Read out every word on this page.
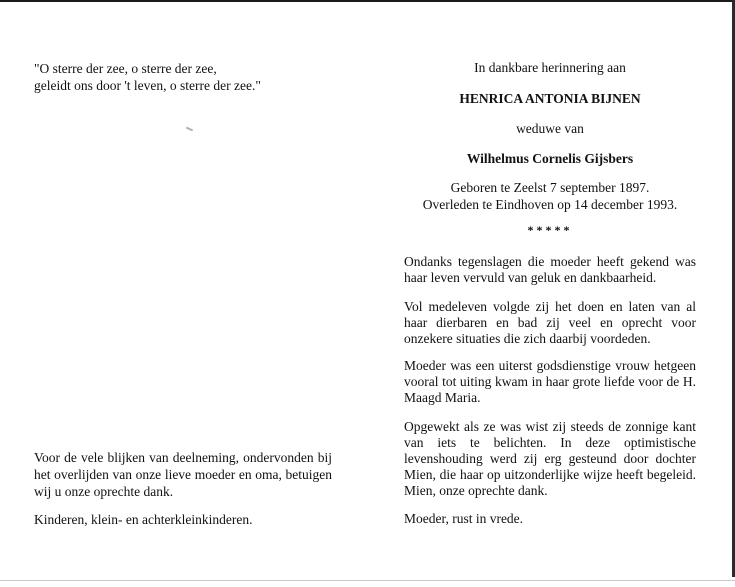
"O sterre der zee, o sterre der zee,
geleidt ons door 't leven, o sterre der zee."

Voor de vele blijken van deelneming, ondervonden bij het overlijden van onze lieve moeder en oma, betuigen wij u onze oprechte dank.

Kinderen, klein- en achterkleinkinderen.

In dankbare herinnering aan

HENRICA ANTONIA BIJNEN

weduwe van

Wilhelmus Cornelis Gijsbers

Geboren te Zeelst 7 september 1897.

Overleden te Eindhoven op 14 december 1993.

*****

Ondanks tegenslagen die moeder heeft gekend was haar leven vervuld van geluk en dankbaarheid.

Vol medeleven volgde zij het doen en laten van al haar dierbaren en bad zij veel en oprecht voor onzekere situaties die zich daarbij voordeden.

Moeder was een uiterst godsdienstige vrouw hetgeen vooral tot uiting kwam in haar grote liefde voor de H. Maagd Maria.

Opgewekt als ze was wist zij steeds de zonnige kant van iets te belichten. In deze optimistische levenshouding werd zij erg gesteund door dochter Mien, die haar op uitzonderlijke wijze heeft begeleid. Mien, onze oprechte dank.

Moeder, rust in vrede.
